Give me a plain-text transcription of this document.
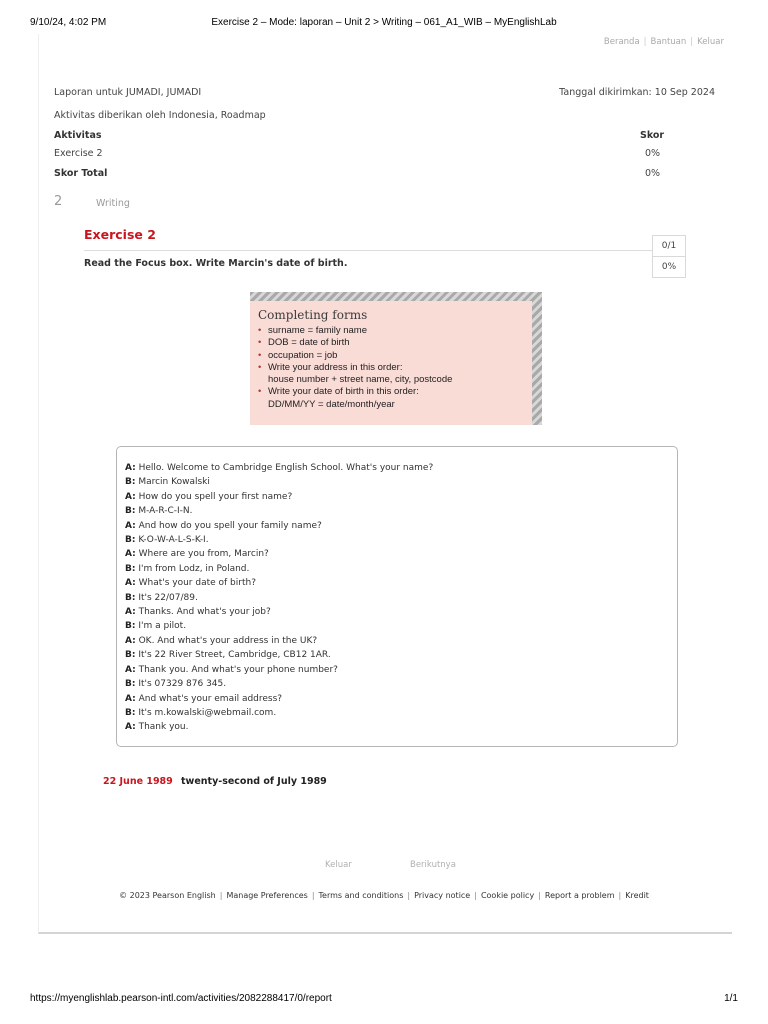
9/10/24, 4:02 PM	Exercise 2 – Mode: laporan – Unit 2 > Writing – 061_A1_WIB – MyEnglishLab
Beranda | Bantuan | Keluar
Laporan untuk JUMADI, JUMADI	Tanggal dikirimkan: 10 Sep 2024
Aktivitas diberikan oleh Indonesia, Roadmap
Aktivitas	Skor
Exercise 2	0%
Skor Total	0%
2	Writing
Exercise 2
0/1
0%
Read the Focus box. Write Marcin's date of birth.
Completing forms
• surname = family name
• DOB = date of birth
• occupation = job
• Write your address in this order:
house number + street name, city, postcode
• Write your date of birth in this order:
DD/MM/YY = date/month/year
A: Hello. Welcome to Cambridge English School. What's your name?
B: Marcin Kowalski
A: How do you spell your first name?
B: M-A-R-C-I-N.
A: And how do you spell your family name?
B: K-O-W-A-L-S-K-I.
A: Where are you from, Marcin?
B: I'm from Lodz, in Poland.
A: What's your date of birth?
B: It's 22/07/89.
A: Thanks. And what's your job?
B: I'm a pilot.
A: OK. And what's your address in the UK?
B: It's 22 River Street, Cambridge, CB12 1AR.
A: Thank you. And what's your phone number?
B: It's 07329 876 345.
A: And what's your email address?
B: It's m.kowalski@webmail.com.
A: Thank you.
22 June 1989 twenty-second of July 1989
Keluar	Berikutnya
© 2023 Pearson English | Manage Preferences | Terms and conditions | Privacy notice | Cookie policy | Report a problem | Kredit
https://myenglishlab.pearson-intl.com/activities/2082288417/0/report	1/1
